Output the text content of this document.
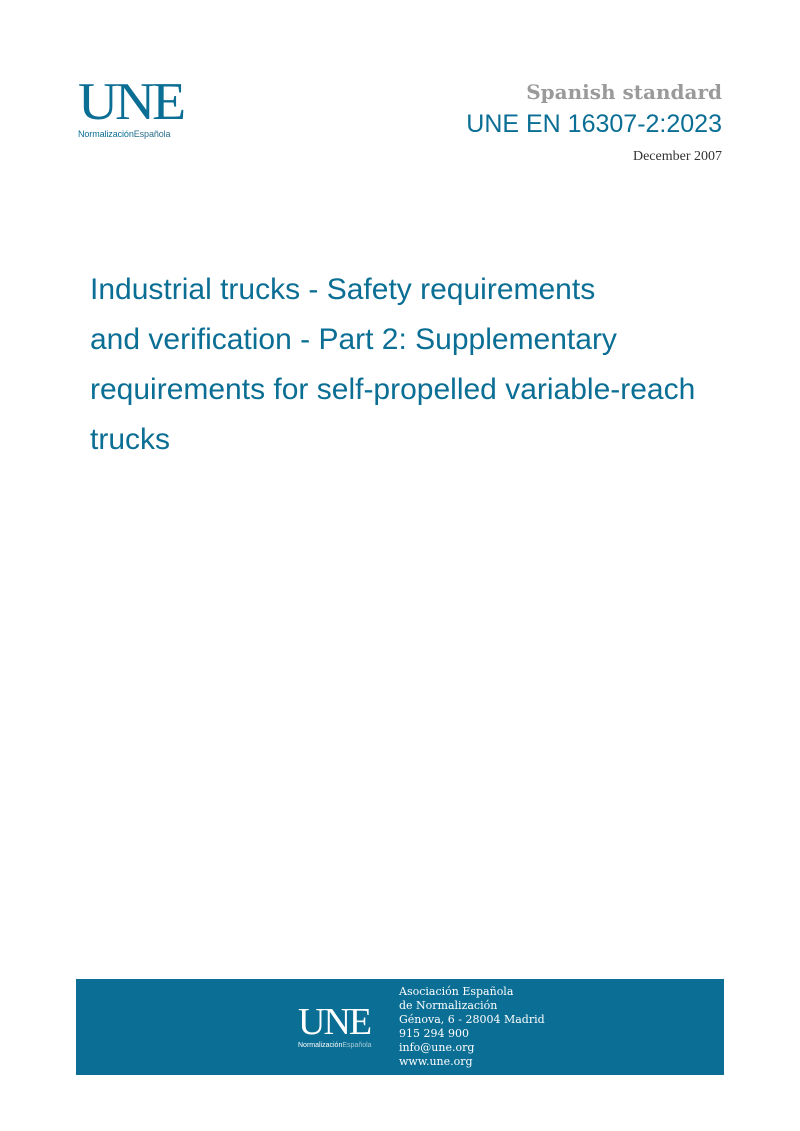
UNE
NormalizaciónEspañola
Spanish standard
UNE EN 16307-2:2023
December 2007
Industrial trucks - Safety requirements
and verification - Part 2: Supplementary
requirements for self-propelled variable-reach
trucks
UNE
NormalizaciónEspañola
Asociación Española
de Normalización
Génova, 6 - 28004 Madrid
915 294 900
info@une.org
www.une.org
